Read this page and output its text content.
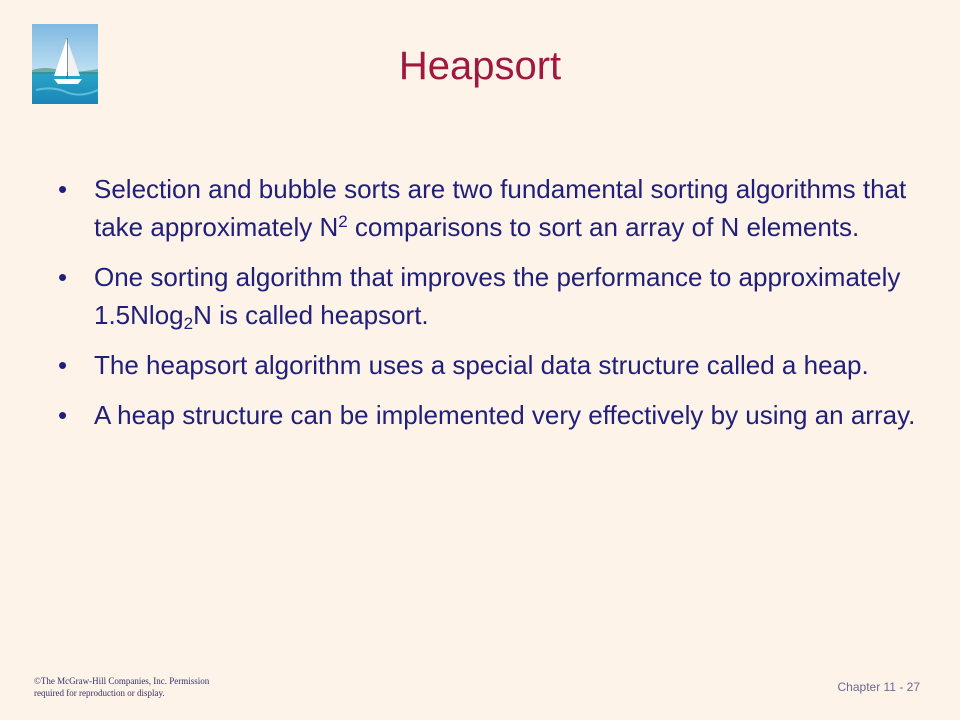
Heapsort
•	Selection and bubble sorts are two fundamental sorting algorithms that take approximately $N^2$ comparisons to sort an array of N elements.
•	One sorting algorithm that improves the performance to approximately 1.5Nlog$_2$N is called heapsort.
•	The heapsort algorithm uses a special data structure called a heap.
•	A heap structure can be implemented very effectively by using an array.
©The McGraw-Hill Companies, Inc. Permission
required for reproduction or display.	Chapter 11 - 27
